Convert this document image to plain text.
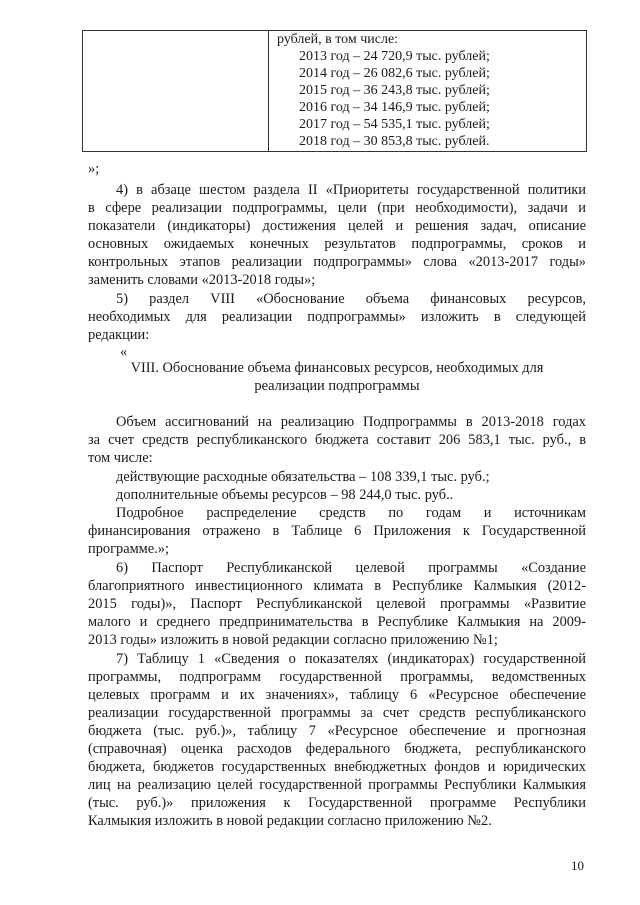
рублей, в том числе:
2013 год – 24 720,9 тыс. рублей;
2014 год – 26 082,6 тыс. рублей;
2015 год – 36 243,8 тыс. рублей;
2016 год – 34 146,9 тыс. рублей;
2017 год – 54 535,1 тыс. рублей;
2018 год – 30 853,8 тыс. рублей.
»;
4) в абзаце шестом раздела II «Приоритеты государственной политики
в сфере реализации подпрограммы, цели (при необходимости), задачи и
показатели (индикаторы) достижения целей и решения задач, описание
основных ожидаемых конечных результатов подпрограммы, сроков и
контрольных этапов реализации подпрограммы» слова «2013-2017 годы»
заменить словами «2013-2018 годы»;
5) раздел VIII «Обоснование объема финансовых ресурсов,
необходимых для реализации подпрограммы» изложить в следующей
редакции:
«
VIII. Обоснование объема финансовых ресурсов, необходимых для
реализации подпрограммы
Объем ассигнований на реализацию Подпрограммы в 2013-2018 годах
за счет средств республиканского бюджета составит 206 583,1 тыс. руб., в
том числе:
действующие расходные обязательства – 108 339,1 тыс. руб.;
дополнительные объемы ресурсов – 98 244,0 тыс. руб..
Подробное распределение средств по годам и источникам
финансирования отражено в Таблице 6 Приложения к Государственной
программе.»;
6) Паспорт Республиканской целевой программы «Создание
благоприятного инвестиционного климата в Республике Калмыкия (2012-
2015 годы)», Паспорт Республиканской целевой программы «Развитие
малого и среднего предпринимательства в Республике Калмыкия на 2009-
2013 годы» изложить в новой редакции согласно приложению №1;
7) Таблицу 1 «Сведения о показателях (индикаторах) государственной
программы, подпрограмм государственной программы, ведомственных
целевых программ и их значениях», таблицу 6 «Ресурсное обеспечение
реализации государственной программы за счет средств республиканского
бюджета (тыс. руб.)», таблицу 7 «Ресурсное обеспечение и прогнозная
(справочная) оценка расходов федерального бюджета, республиканского
бюджета, бюджетов государственных внебюджетных фондов и юридических
лиц на реализацию целей государственной программы Республики Калмыкия
(тыс. руб.)» приложения к Государственной программе Республики
Калмыкия изложить в новой редакции согласно приложению №2.
10
